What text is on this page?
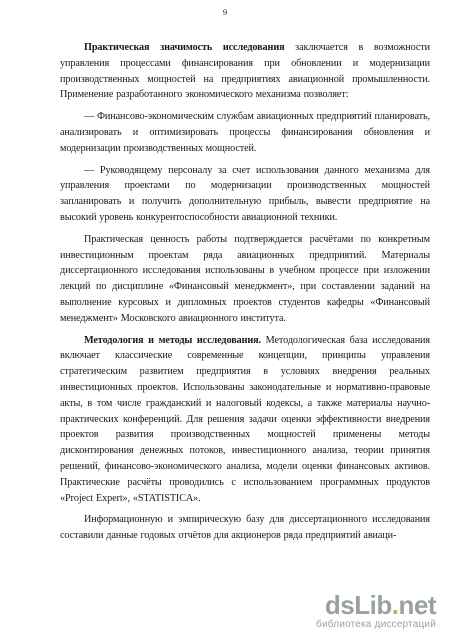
9

Практическая значимость исследования заключается в возможности управления процессами финансирования при обновлении и модернизации производственных мощностей на предприятиях авиационной промышленности. Применение разработанного экономического механизма позволяет:

— Финансово-экономическим службам авиационных предприятий планировать, анализировать и оптимизировать процессы финансирования обновления и модернизации производственных мощностей.

— Руководящему персоналу за счет использования данного механизма для управления проектами по модернизации производственных мощностей запланировать и получить дополнительную прибыль, вывести предприятие на высокий уровень конкурентоспособности авиационной техники.

Практическая ценность работы подтверждается расчётами по конкретным инвестиционным проектам ряда авиационных предприятий. Материалы диссертационного исследования использованы в учебном процессе при изложении лекций по дисциплине «Финансовый менеджмент», при составлении заданий на выполнение курсовых и дипломных проектов студентов кафедры «Финансовый менеджмент» Московского авиационного института.

Методология и методы исследования. Методологическая база исследования включает классические современные концепции, принципы управления стратегическим развитием предприятия в условиях внедрения реальных инвестиционных проектов. Использованы законодательные и нормативно-правовые акты, в том числе гражданский и налоговый кодексы, а также материалы научно-практических конференций. Для решения задачи оценки эффективности внедрения проектов развития производственных мощностей применены методы дисконтирования денежных потоков, инвестиционного анализа, теории принятия решений, финансово-экономического анализа, модели оценки финансовых активов. Практические расчёты проводились с использованием программных продуктов «Project Expert», «STATISTICA».

Информационную и эмпирическую базу для диссертационного исследования составили данные годовых отчётов для акционеров ряда предприятий авиаци-

dsLib.net
библиотека диссертаций
